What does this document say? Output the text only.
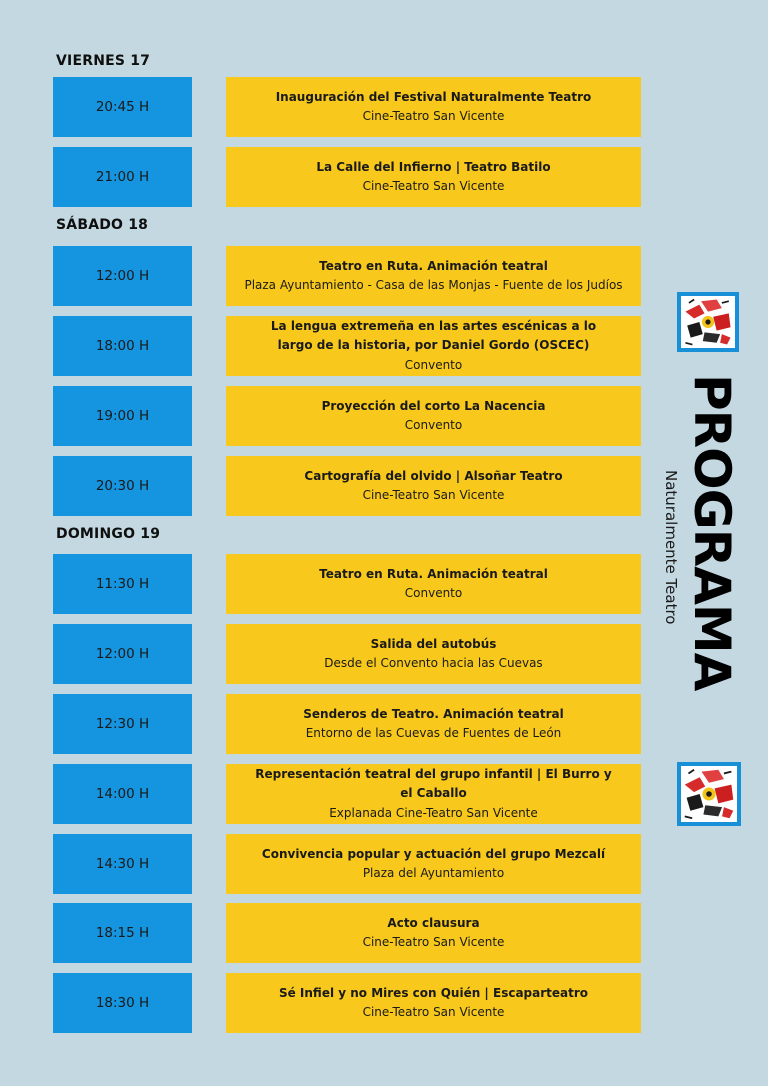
VIERNES 17
SÁBADO 18
DOMINGO 19
20:45 H
Inauguración del Festival Naturalmente Teatro
Cine-Teatro San Vicente
21:00 H
La Calle del Infierno | Teatro Batilo
Cine-Teatro San Vicente
12:00 H
Teatro en Ruta. Animación teatral
Plaza Ayuntamiento - Casa de las Monjas - Fuente de los Judíos
18:00 H
La lengua extremeña en las artes escénicas a lo largo de la historia, por Daniel Gordo (OSCEC)
Convento
19:00 H
Proyección del corto La Nacencia
Convento
20:30 H
Cartografía del olvido | Alsoñar Teatro
Cine-Teatro San Vicente
11:30 H
Teatro en Ruta. Animación teatral
Convento
12:00 H
Salida del autobús
Desde el Convento hacia las Cuevas
12:30 H
Senderos de Teatro. Animación teatral
Entorno de las Cuevas de Fuentes de León
14:00 H
Representación teatral del grupo infantil | El Burro y el Caballo
Explanada Cine-Teatro San Vicente
14:30 H
Convivencia popular y actuación del grupo Mezcalí
Plaza del Ayuntamiento
18:15 H
Acto clausura
Cine-Teatro San Vicente
18:30 H
Sé Infiel y no Mires con Quién | Escaparteatro
Cine-Teatro San Vicente
PROGRAMA
Naturalmente Teatro
